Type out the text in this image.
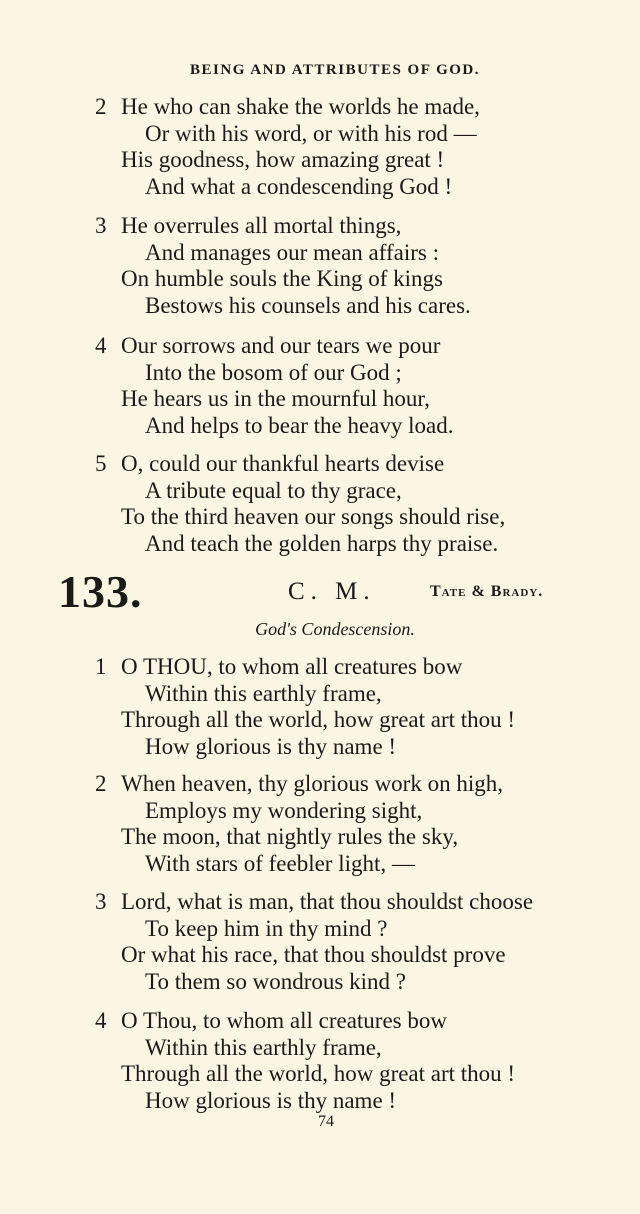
BEING AND ATTRIBUTES OF GOD.
2 He who can shake the worlds he made,
Or with his word, or with his rod —
His goodness, how amazing great !
And what a condescending God !
3 He overrules all mortal things,
And manages our mean affairs :
On humble souls the King of kings
Bestows his counsels and his cares.
4 Our sorrows and our tears we pour
Into the bosom of our God ;
He hears us in the mournful hour,
And helps to bear the heavy load.
5 O, could our thankful hearts devise
A tribute equal to thy grace,
To the third heaven our songs should rise,
And teach the golden harps thy praise.
133.	C. M.	Tate & Brady.
God's Condescension.
1 O THOU, to whom all creatures bow
Within this earthly frame,
Through all the world, how great art thou !
How glorious is thy name !
2 When heaven, thy glorious work on high,
Employs my wondering sight,
The moon, that nightly rules the sky,
With stars of feebler light, —
3 Lord, what is man, that thou shouldst choose
To keep him in thy mind ?
Or what his race, that thou shouldst prove
To them so wondrous kind ?
4 O Thou, to whom all creatures bow
Within this earthly frame,
Through all the world, how great art thou !
How glorious is thy name !
74
